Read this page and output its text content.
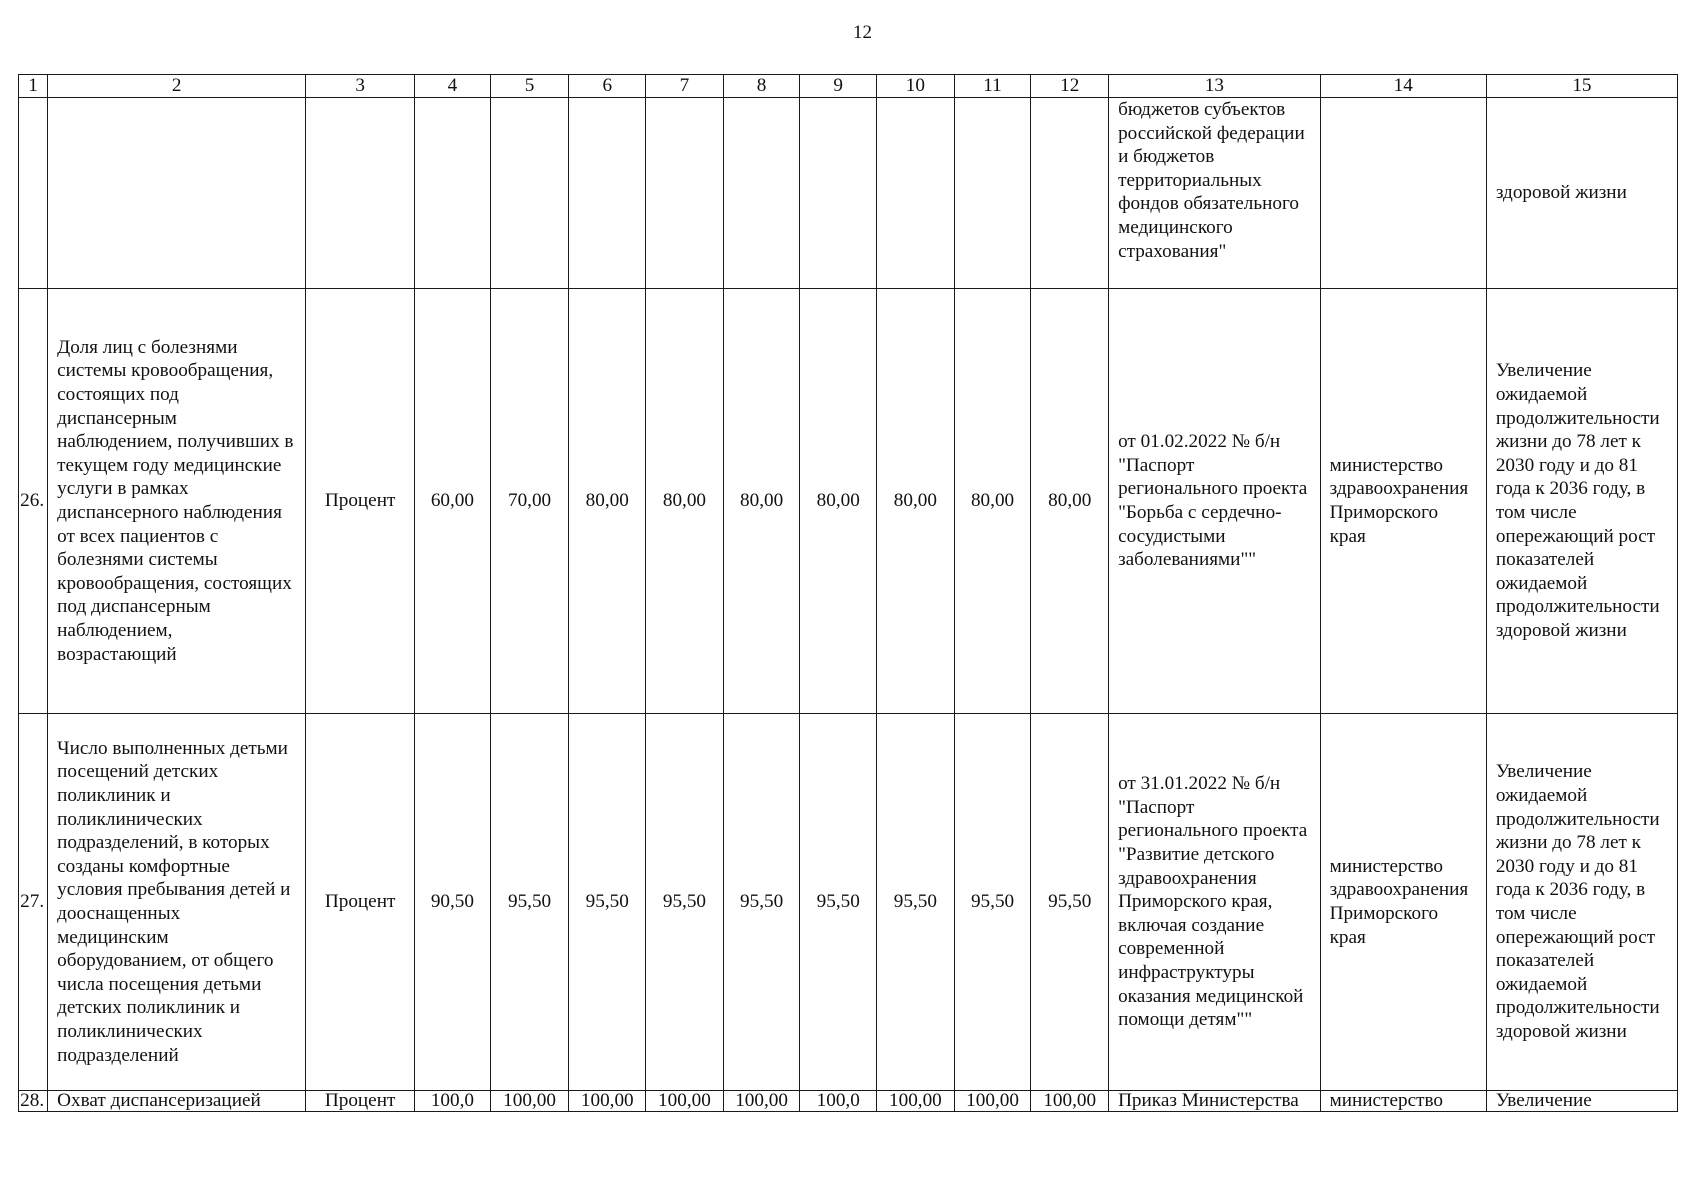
12
1	2	3	4	5	6	7	8	9	10	11	12	13	14	15
												бюджетов субъектов российской федерации и бюджетов территориальных фондов обязательного медицинского страхования"		здоровой жизни
26.	Доля лиц с болезнями системы кровообращения, состоящих под диспансерным наблюдением, получивших в текущем году медицинские услуги в рамках диспансерного наблюдения от всех пациентов с болезнями системы кровообращения, состоящих под диспансерным наблюдением, возрастающий	Процент	60,00	70,00	80,00	80,00	80,00	80,00	80,00	80,00	80,00	от 01.02.2022 № б/н "Паспорт регионального проекта "Борьба с сердечно-сосудистыми заболеваниями""	министерство здравоохранения Приморского края	Увеличение ожидаемой продолжительности жизни до 78 лет к 2030 году и до 81 года к 2036 году, в том числе опережающий рост показателей ожидаемой продолжительности здоровой жизни
27.	Число выполненных детьми посещений детских поликлиник и поликлинических подразделений, в которых созданы комфортные условия пребывания детей и дооснащенных медицинским оборудованием, от общего числа посещения детьми детских поликлиник и поликлинических подразделений	Процент	90,50	95,50	95,50	95,50	95,50	95,50	95,50	95,50	95,50	от 31.01.2022 № б/н "Паспорт регионального проекта "Развитие детского здравоохранения Приморского края, включая создание современной инфраструктуры оказания медицинской помощи детям""	министерство здравоохранения Приморского края	Увеличение ожидаемой продолжительности жизни до 78 лет к 2030 году и до 81 года к 2036 году, в том числе опережающий рост показателей ожидаемой продолжительности здоровой жизни
28.	Охват диспансеризацией	Процент	100,0	100,00	100,00	100,00	100,00	100,0	100,00	100,00	100,00	Приказ Министерства	министерство	Увеличение
